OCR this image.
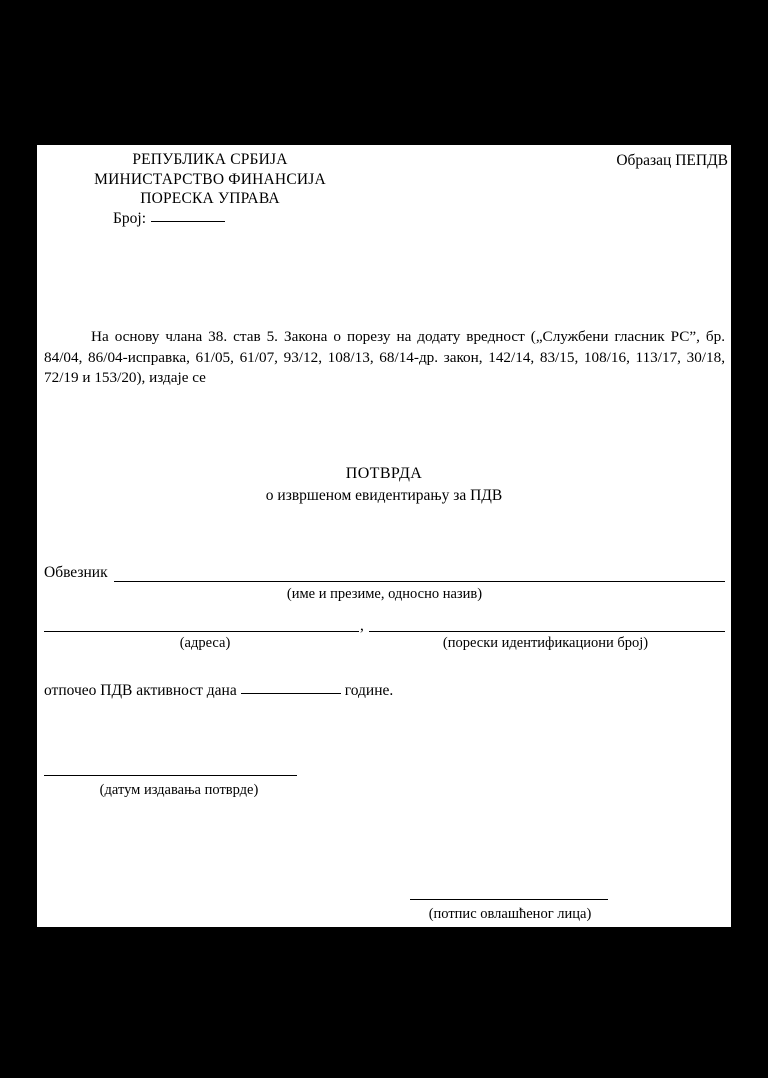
РЕПУБЛИКА СРБИЈА
МИНИСТАРСТВО ФИНАНСИЈА
ПОРЕСКА УПРАВА
Образац ПЕПДВ
Број:
На основу члана 38. став 5. Закона о порезу на додату вредност („Службени гласник РС”, бр. 84/04, 86/04-исправка, 61/05, 61/07, 93/12, 108/13, 68/14-др. закон, 142/14, 83/15, 108/16, 113/17, 30/18, 72/19 и 153/20), издаје се
ПОТВРДА
о извршеном евидентирању за ПДВ
Обвезник
(име и презиме, односно назив)
,
(адреса)	(порески идентификациони број)
отпочео ПДВ активност дана	године.
(датум издавања потврде)
(потпис овлашћеног лица)
